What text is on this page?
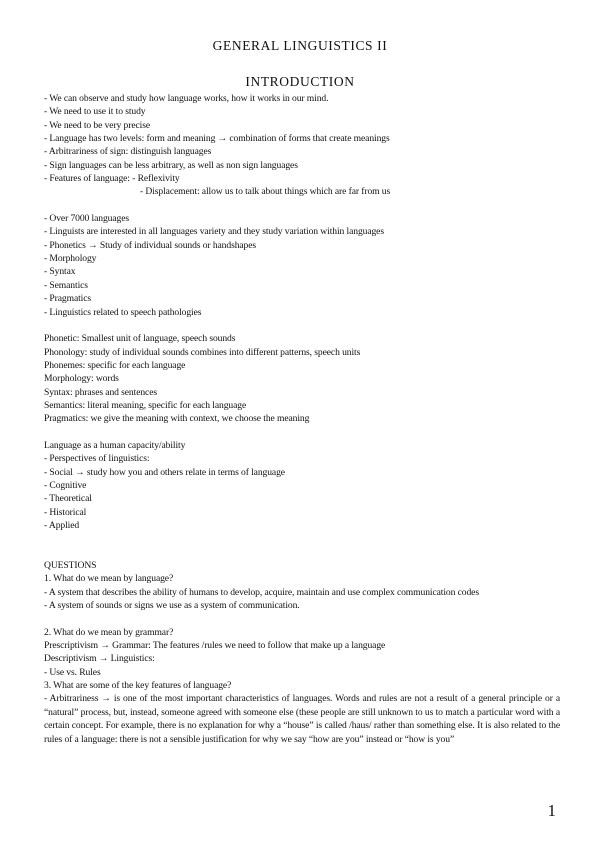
GENERAL LINGUISTICS II
INTRODUCTION
- We can observe and study how language works, how it works in our mind.
- We need to use it to study
- We need to be very precise
- Language has two levels: form and meaning → combination of forms that create meanings
- Arbitrariness of sign: distinguish languages
- Sign languages can be less arbitrary, as well as non sign languages
- Features of language: - Reflexivity
- Displacement: allow us to talk about things which are far from us
- Over 7000 languages
- Linguists are interested in all languages variety and they study variation within languages
- Phonetics → Study of individual sounds or handshapes
- Morphology
- Syntax
- Semantics
- Pragmatics
- Linguistics related to speech pathologies
Phonetic: Smallest unit of language, speech sounds
Phonology: study of individual sounds combines into different patterns, speech units
Phonemes: specific for each language
Morphology: words
Syntax: phrases and sentences
Semantics: literal meaning, specific for each language
Pragmatics: we give the meaning with context, we choose the meaning
Language as a human capacity/ability
- Perspectives of linguistics:
- Social → study how you and others relate in terms of language
- Cognitive
- Theoretical
- Historical
- Applied
QUESTIONS
1. What do we mean by language?
- A system that describes the ability of humans to develop, acquire, maintain and use complex communication codes
- A system of sounds or signs we use as a system of communication.
2. What do we mean by grammar?
Prescriptivism → Grammar: The features /rules we need to follow that make up a language
Descriptivism → Linguistics:
- Use vs. Rules
3. What are some of the key features of language?

- Arbitrariness → is one of the most important characteristics of languages. Words and rules are not a result of a general principle or a “natural” process, but, instead, someone agreed with someone else (these people are still unknown to us to match a particular word with a certain concept. For example, there is no explanation for why a “house” is called /haus/ rather than something else. It is also related to the rules of a language: there is not a sensible justification for why we say “how are you” instead or “how is you”

1
